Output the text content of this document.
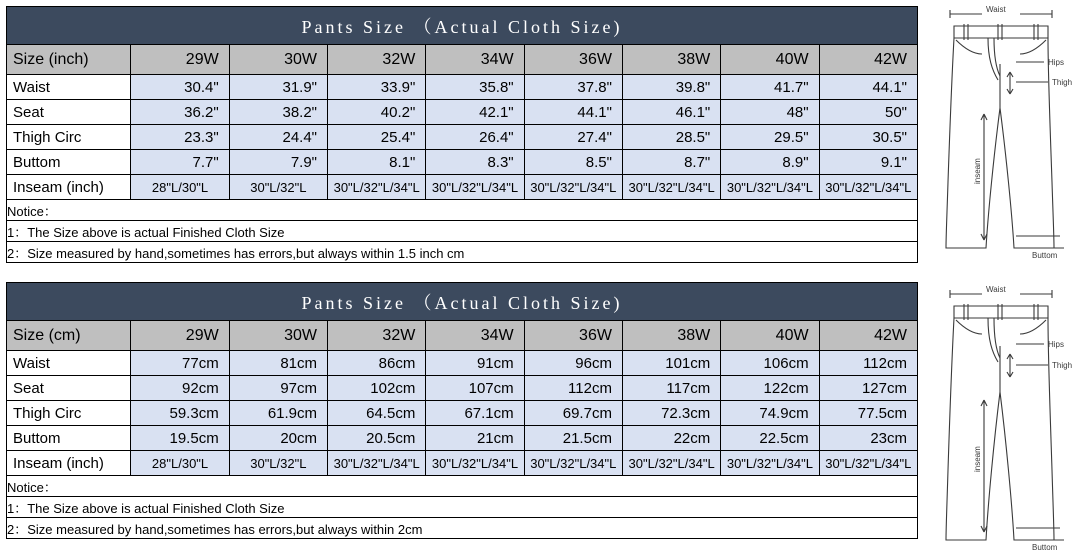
Pants Size （Actual Cloth Size)								
Size (inch)	29W	30W	32W	34W	36W	38W	40W	42W
Waist	30.4"	31.9"	33.9"	35.8"	37.8"	39.8"	41.7"	44.1"
Seat	36.2"	38.2"	40.2"	42.1"	44.1"	46.1"	48"	50"
Thigh Circ	23.3"	24.4"	25.4"	26.4"	27.4"	28.5"	29.5"	30.5"
Buttom	7.7"	7.9"	8.1"	8.3"	8.5"	8.7"	8.9"	9.1"
Inseam (inch)	28"L/30"L	30"L/32"L	30"L/32"L/34"L	30"L/32"L/34"L	30"L/32"L/34"L	30"L/32"L/34"L	30"L/32"L/34"L	30"L/32"L/34"L
Notice：								
1：The Size above is actual Finished Cloth Size								
2：Size measured by hand,sometimes has errors,but always within 1.5 inch cm								
Pants Size （Actual Cloth Size)								
Size (cm)	29W	30W	32W	34W	36W	38W	40W	42W
Waist	77cm	81cm	86cm	91cm	96cm	101cm	106cm	112cm
Seat	92cm	97cm	102cm	107cm	112cm	117cm	122cm	127cm
Thigh Circ	59.3cm	61.9cm	64.5cm	67.1cm	69.7cm	72.3cm	74.9cm	77.5cm
Buttom	19.5cm	20cm	20.5cm	21cm	21.5cm	22cm	22.5cm	23cm
Inseam (inch)	28"L/30"L	30"L/32"L	30"L/32"L/34"L	30"L/32"L/34"L	30"L/32"L/34"L	30"L/32"L/34"L	30"L/32"L/34"L	30"L/32"L/34"L
Notice：								
1：The Size above is actual Finished Cloth Size								
2：Size measured by hand,sometimes has errors,but always within 2cm								
Waist
Hips
Thigh
inseam
Buttom
Waist
Hips
Thigh
inseam
Buttom
